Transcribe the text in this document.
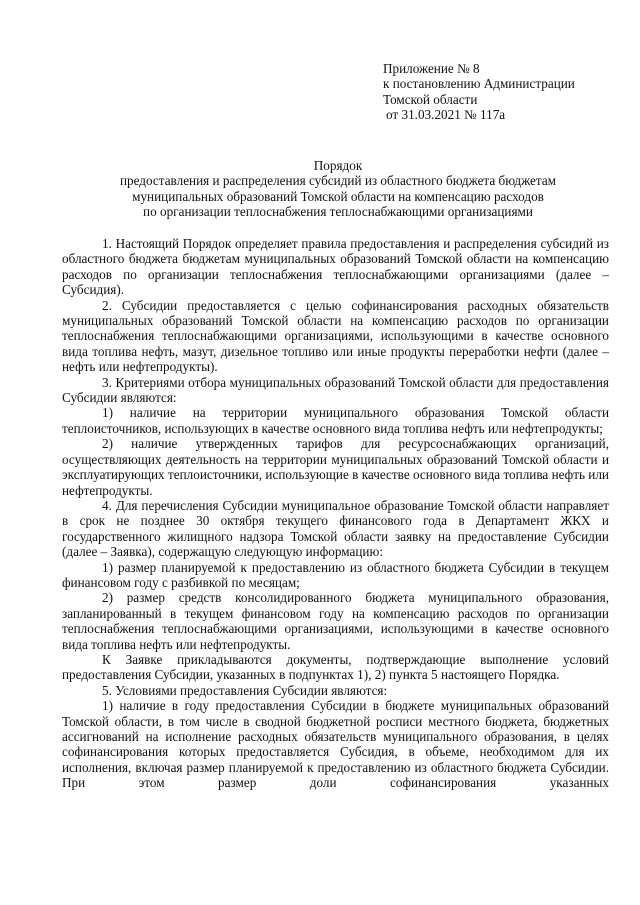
Приложение № 8
к постановлению Администрации
Томской области
от 31.03.2021 № 117а
Порядок
предоставления и распределения субсидий из областного бюджета бюджетам
муниципальных образований Томской области на компенсацию расходов
по организации теплоснабжения теплоснабжающими организациями

1. Настоящий Порядок определяет правила предоставления и распределения субсидий из областного бюджета бюджетам муниципальных образований Томской области на компенсацию расходов по организации теплоснабжения теплоснабжающими организациями (далее – Субсидия).

2. Субсидии предоставляется с целью софинансирования расходных обязательств муниципальных образований Томской области на компенсацию расходов по организации теплоснабжения теплоснабжающими организациями, использующими в качестве основного вида топлива нефть, мазут, дизельное топливо или иные продукты переработки нефти (далее – нефть или нефтепродукты).

3. Критериями отбора муниципальных образований Томской области для предоставления Субсидии являются:

1) наличие на территории муниципального образования Томской области теплоисточников, использующих в качестве основного вида топлива нефть или нефтепродукты;

2) наличие утвержденных тарифов для ресурсоснабжающих организаций, осуществляющих деятельность на территории муниципальных образований Томской области и эксплуатирующих теплоисточники, использующие в качестве основного вида топлива нефть или нефтепродукты.

4. Для перечисления Субсидии муниципальное образование Томской области направляет в срок не позднее 30 октября текущего финансового года в Департамент ЖКХ и государственного жилищного надзора Томской области заявку на предоставление Субсидии (далее – Заявка), содержащую следующую информацию:

1) размер планируемой к предоставлению из областного бюджета Субсидии в текущем финансовом году с разбивкой по месяцам;

2) размер средств консолидированного бюджета муниципального образования, запланированный в текущем финансовом году на компенсацию расходов по организации теплоснабжения теплоснабжающими организациями, использующими в качестве основного вида топлива нефть или нефтепродукты.

К Заявке прикладываются документы, подтверждающие выполнение условий предоставления Субсидии, указанных в подпунктах 1), 2) пункта 5 настоящего Порядка.

5. Условиями предоставления Субсидии являются:

1) наличие в году предоставления Субсидии в бюджете муниципальных образований Томской области, в том числе в сводной бюджетной росписи местного бюджета, бюджетных ассигнований на исполнение расходных обязательств муниципального образования, в целях софинансирования которых предоставляется Субсидия, в объеме, необходимом для их исполнения, включая размер планируемой к предоставлению из областного бюджета Субсидии. При этом размер доли софинансирования указанных
